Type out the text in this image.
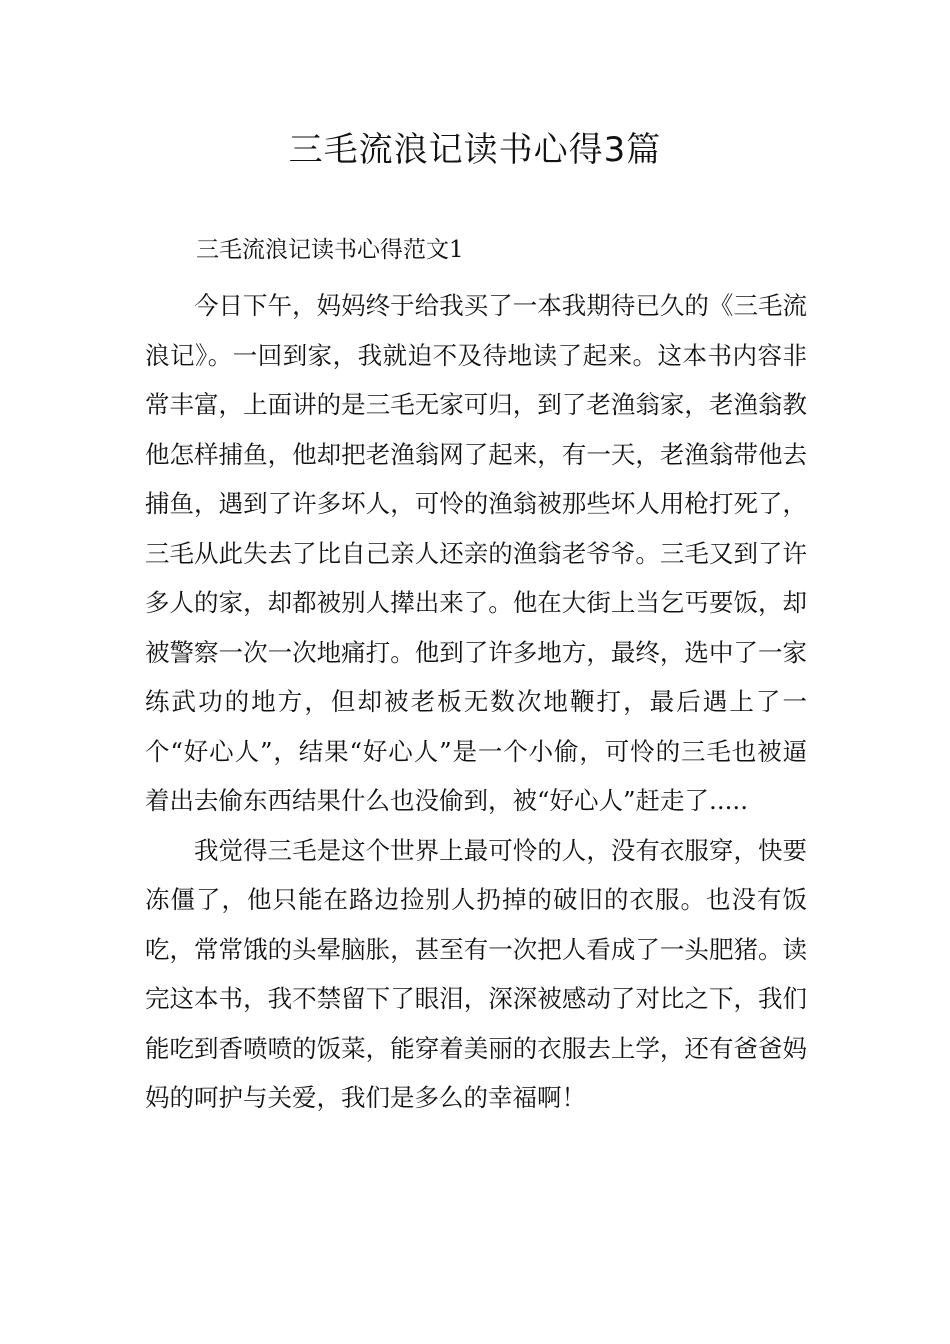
三毛流浪记读书心得3篇

三毛流浪记读书心得范文1

今日下午，妈妈终于给我买了一本我期待已久的《三毛流浪记》。一回到家，我就迫不及待地读了起来。这本书内容非常丰富，上面讲的是三毛无家可归，到了老渔翁家，老渔翁教他怎样捕鱼，他却把老渔翁网了起来，有一天，老渔翁带他去捕鱼，遇到了许多坏人，可怜的渔翁被那些坏人用枪打死了，三毛从此失去了比自己亲人还亲的渔翁老爷爷。三毛又到了许多人的家，却都被别人撵出来了。他在大街上当乞丐要饭，却被警察一次一次地痛打。他到了许多地方，最终，选中了一家练武功的地方，但却被老板无数次地鞭打，最后遇上了一个“好心人”，结果“好心人”是一个小偷，可怜的三毛也被逼着出去偷东西结果什么也没偷到，被“好心人”赶走了.....

我觉得三毛是这个世界上最可怜的人，没有衣服穿，快要冻僵了，他只能在路边捡别人扔掉的破旧的衣服。也没有饭吃，常常饿的头晕脑胀，甚至有一次把人看成了一头肥猪。读完这本书，我不禁留下了眼泪，深深被感动了对比之下，我们能吃到香喷喷的饭菜，能穿着美丽的衣服去上学，还有爸爸妈妈的呵护与关爱，我们是多么的幸福啊！
